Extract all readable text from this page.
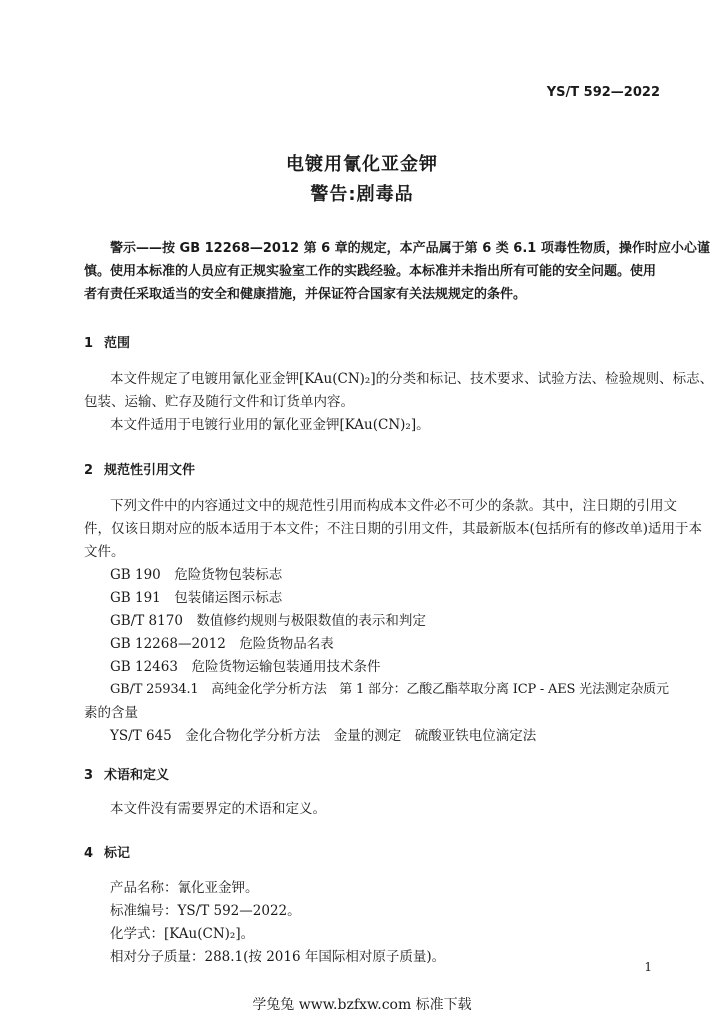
YS/T 592—2022
电镀用氰化亚金钾
警告:剧毒品
警示——按 GB 12268—2012 第 6 章的规定，本产品属于第 6 类 6.1 项毒性物质，操作时应小心谨
慎。使用本标准的人员应有正规实验室工作的实践经验。本标准并未指出所有可能的安全问题。使用
者有责任采取适当的安全和健康措施，并保证符合国家有关法规规定的条件。
1 范围
本文件规定了电镀用氰化亚金钾[KAu(CN)₂]的分类和标记、技术要求、试验方法、检验规则、标志、
包装、运输、贮存及随行文件和订货单内容。
本文件适用于电镀行业用的氰化亚金钾[KAu(CN)₂]。
2 规范性引用文件
下列文件中的内容通过文中的规范性引用而构成本文件必不可少的条款。其中，注日期的引用文
件，仅该日期对应的版本适用于本文件；不注日期的引用文件，其最新版本(包括所有的修改单)适用于本
文件。
GB 190　 危险货物包装标志
GB 191　 包装储运图示标志
GB/T 8170　 数值修约规则与极限数值的表示和判定
GB 12268—2012　 危险货物品名表
GB 12463　 危险货物运输包装通用技术条件
GB/T 25934.1　 高纯金化学分析方法　第 1 部分：乙酸乙酯萃取分离 ICP - AES 光法测定杂质元
素的含量
YS/T 645　 金化合物化学分析方法　金量的测定　硫酸亚铁电位滴定法
3 术语和定义
本文件没有需要界定的术语和定义。
4 标记
产品名称：氰化亚金钾。
标准编号：YS/T 592—2022。
化学式：[KAu(CN)₂]。
相对分子质量：288.1(按 2016 年国际相对原子质量)。
1
学兔兔 www.bzfxw.com 标准下载
